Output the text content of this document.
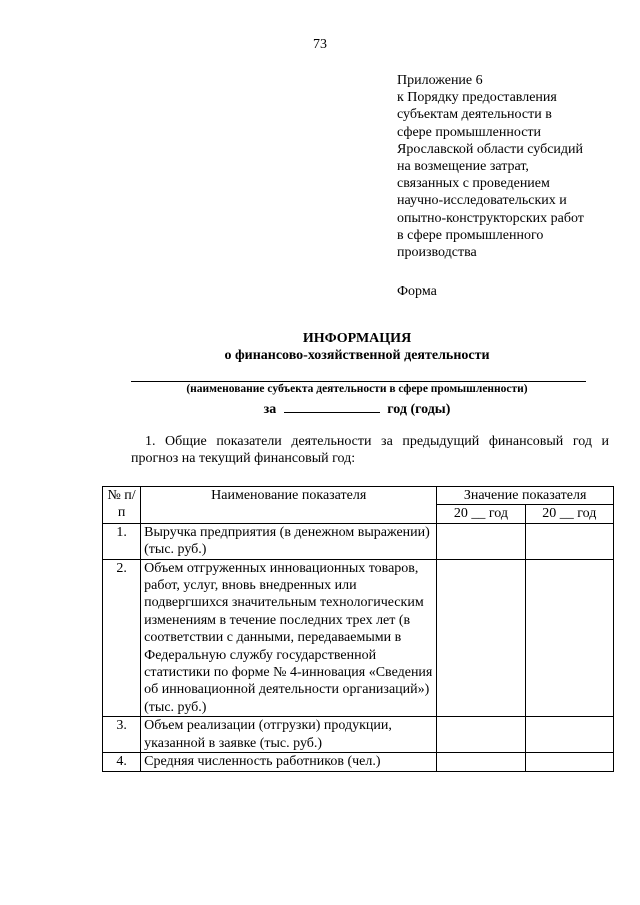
73
Приложение 6
к Порядку предоставления
субъектам деятельности в
сфере промышленности
Ярославской области субсидий
на возмещение затрат,
связанных с проведением
научно-исследовательских и
опытно-конструкторских работ
в сфере промышленного
производства
Форма
ИНФОРМАЦИЯ
о финансово-хозяйственной деятельности
(наименование субъекта деятельности в сфере промышленности)
за	год (годы)
1. Общие показатели деятельности за предыдущий финансовый год и прогноз на текущий финансовый год:
№ п/п	Наименование показателя	Значение показателя	
		20 __ год	20 __ год
1.	Выручка предприятия (в денежном выражении) (тыс. руб.)		
2.	Объем отгруженных инновационных товаров, работ, услуг, вновь внедренных или подвергшихся значительным технологическим изменениям в течение последних трех лет (в соответствии с данными, передаваемыми в Федеральную службу государственной статистики по форме № 4-инновация «Сведения об инновационной деятельности организаций») (тыс. руб.)		
3.	Объем реализации (отгрузки) продукции, указанной в заявке (тыс. руб.)		
4.	Средняя численность работников (чел.)		
